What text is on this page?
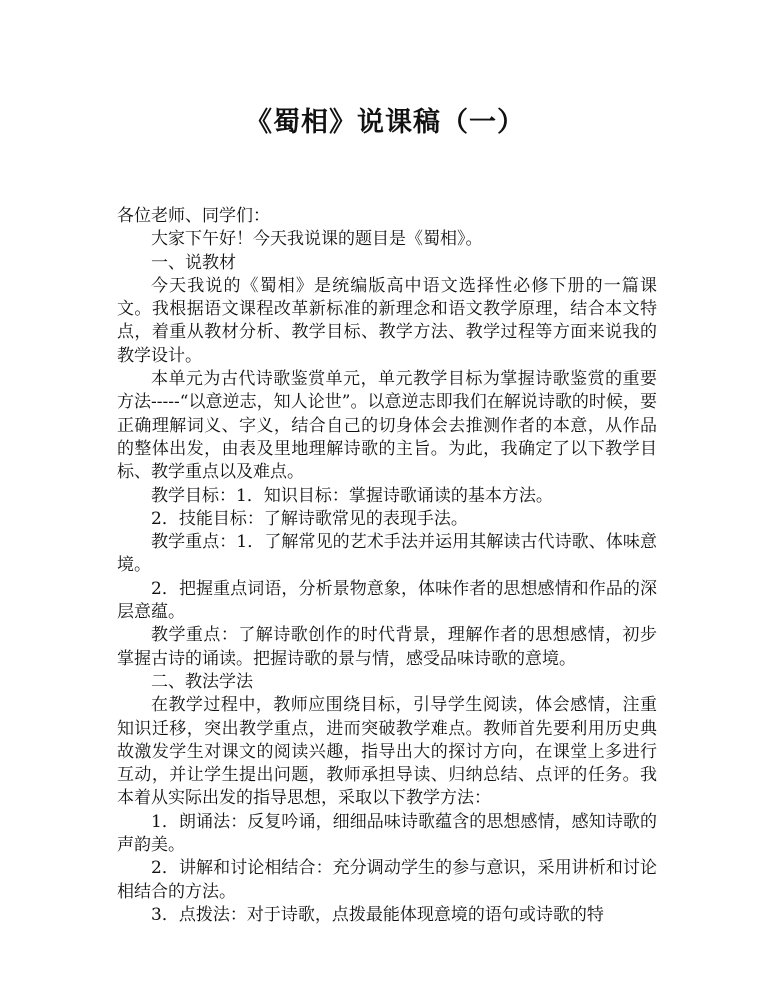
《蜀相》说课稿（一）

各位老师、同学们：

大家下午好！今天我说课的题目是《蜀相》。

一、说教材

今天我说的《蜀相》是统编版高中语文选择性必修下册的一篇课文。我根据语文课程改革新标准的新理念和语文教学原理，结合本文特点，着重从教材分析、教学目标、教学方法、教学过程等方面来说我的教学设计。

本单元为古代诗歌鉴赏单元，单元教学目标为掌握诗歌鉴赏的重要方法-----“以意逆志，知人论世”。以意逆志即我们在解说诗歌的时候，要正确理解词义、字义，结合自己的切身体会去推测作者的本意，从作品的整体出发，由表及里地理解诗歌的主旨。为此，我确定了以下教学目标、教学重点以及难点。

教学目标：1．知识目标：掌握诗歌诵读的基本方法。

2．技能目标：了解诗歌常见的表现手法。

教学重点：1．了解常见的艺术手法并运用其解读古代诗歌、体味意境。

2．把握重点词语，分析景物意象，体味作者的思想感情和作品的深层意蕴。

教学重点：了解诗歌创作的时代背景，理解作者的思想感情，初步掌握古诗的诵读。把握诗歌的景与情，感受品味诗歌的意境。

二、教法学法

在教学过程中，教师应围绕目标，引导学生阅读，体会感情，注重知识迁移，突出教学重点，进而突破教学难点。教师首先要利用历史典故激发学生对课文的阅读兴趣，指导出大的探讨方向，在课堂上多进行互动，并让学生提出问题，教师承担导读、归纳总结、点评的任务。我本着从实际出发的指导思想，采取以下教学方法：

1．朗诵法：反复吟诵，细细品味诗歌蕴含的思想感情，感知诗歌的声韵美。

2．讲解和讨论相结合：充分调动学生的参与意识，采用讲析和讨论相结合的方法。

3．点拨法：对于诗歌，点拨最能体现意境的语句或诗歌的特
